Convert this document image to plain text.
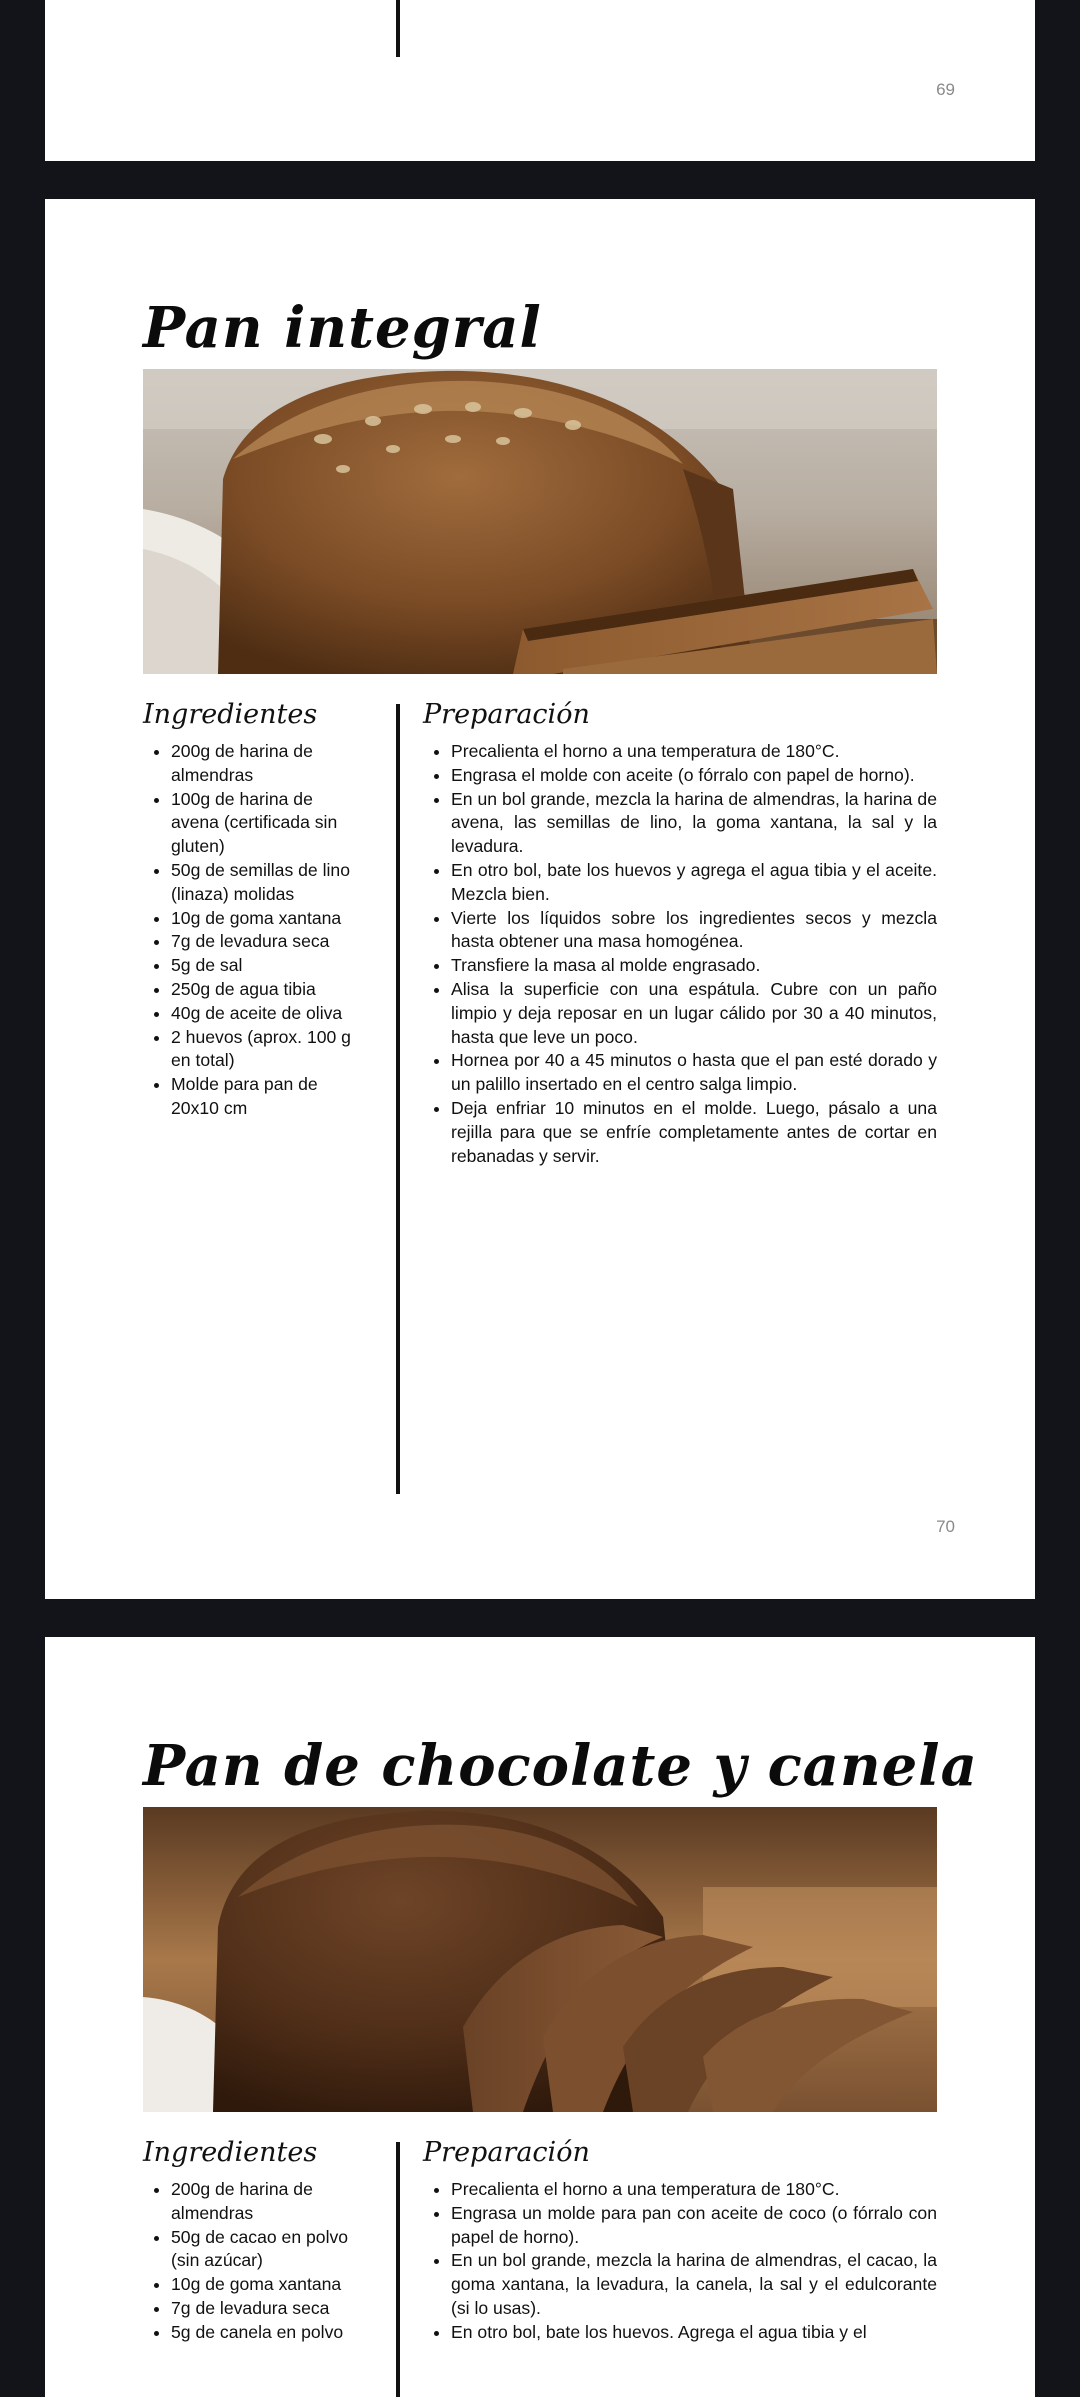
69
Pan integral
Ingredientes
• 200g de harina de almendras
• 100g de harina de avena (certificada sin gluten)
• 50g de semillas de lino (linaza) molidas
• 10g de goma xantana
• 7g de levadura seca
• 5g de sal
• 250g de agua tibia
• 40g de aceite de oliva
• 2 huevos (aprox. 100 g en total)
• Molde para pan de 20x10 cm
Preparación
• Precalienta el horno a una temperatura de 180°C.
• Engrasa el molde con aceite (o fórralo con papel de horno).
• En un bol grande, mezcla la harina de almendras, la harina de avena, las semillas de lino, la goma xantana, la sal y la levadura.
• En otro bol, bate los huevos y agrega el agua tibia y el aceite. Mezcla bien.
• Vierte los líquidos sobre los ingredientes secos y mezcla hasta obtener una masa homogénea.
• Transfiere la masa al molde engrasado.
• Alisa la superficie con una espátula. Cubre con un paño limpio y deja reposar en un lugar cálido por 30 a 40 minutos, hasta que leve un poco.
• Hornea por 40 a 45 minutos o hasta que el pan esté dorado y un palillo insertado en el centro salga limpio.
• Deja enfriar 10 minutos en el molde. Luego, pásalo a una rejilla para que se enfríe completamente antes de cortar en rebanadas y servir.
70
Pan de chocolate y canela
Ingredientes
• 200g de harina de almendras
• 50g de cacao en polvo (sin azúcar)
• 10g de goma xantana
• 7g de levadura seca
• 5g de canela en polvo
Preparación
• Precalienta el horno a una temperatura de 180°C.
• Engrasa un molde para pan con aceite de coco (o fórralo con papel de horno).
• En un bol grande, mezcla la harina de almendras, el cacao, la goma xantana, la levadura, la canela, la sal y el edulcorante (si lo usas).
• En otro bol, bate los huevos. Agrega el agua tibia y el
